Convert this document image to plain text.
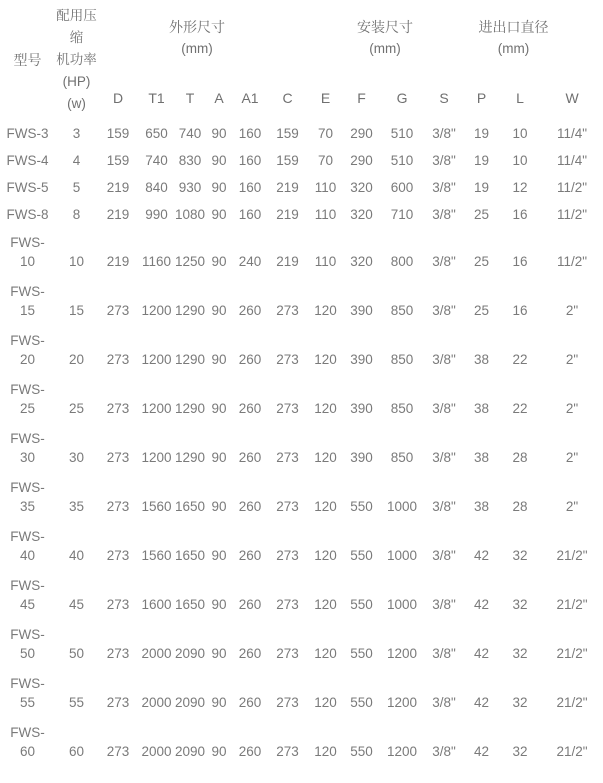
型号	
配用压
缩
机功率
(HP)
(w)

外形尺寸
(mm)

安装尺寸
(mm)

进出口直径
(mm)

		D	T1	T	A	A1	C	E	F	G	S	P	L	W
FWS-3	3	159	650	740	90	160	159	70	290	510	3/8"	19	10	11/4"
FWS-4	4	159	740	830	90	160	159	70	290	510	3/8"	19	10	11/4"
FWS-5	5	219	840	930	90	160	219	110	320	600	3/8"	19	12	11/2"
FWS-8	8	219	990	1080	90	160	219	110	320	710	3/8"	25	16	11/2"
FWS-10	10	219	1160	1250	90	240	219	110	320	800	3/8"	25	16	11/2"
FWS-15	15	273	1200	1290	90	260	273	120	390	850	3/8"	25	16	2"
FWS-20	20	273	1200	1290	90	260	273	120	390	850	3/8"	38	22	2"
FWS-25	25	273	1200	1290	90	260	273	120	390	850	3/8"	38	22	2"
FWS-30	30	273	1200	1290	90	260	273	120	390	850	3/8"	38	28	2"
FWS-35	35	273	1560	1650	90	260	273	120	550	1000	3/8"	38	28	2"
FWS-40	40	273	1560	1650	90	260	273	120	550	1000	3/8"	42	32	21/2"
FWS-45	45	273	1600	1650	90	260	273	120	550	1000	3/8"	42	32	21/2"
FWS-50	50	273	2000	2090	90	260	273	120	550	1200	3/8"	42	32	21/2"
FWS-55	55	273	2000	2090	90	260	273	120	550	1200	3/8"	42	32	21/2"
FWS-60	60	273	2000	2090	90	260	273	120	550	1200	3/8"	42	32	21/2"
